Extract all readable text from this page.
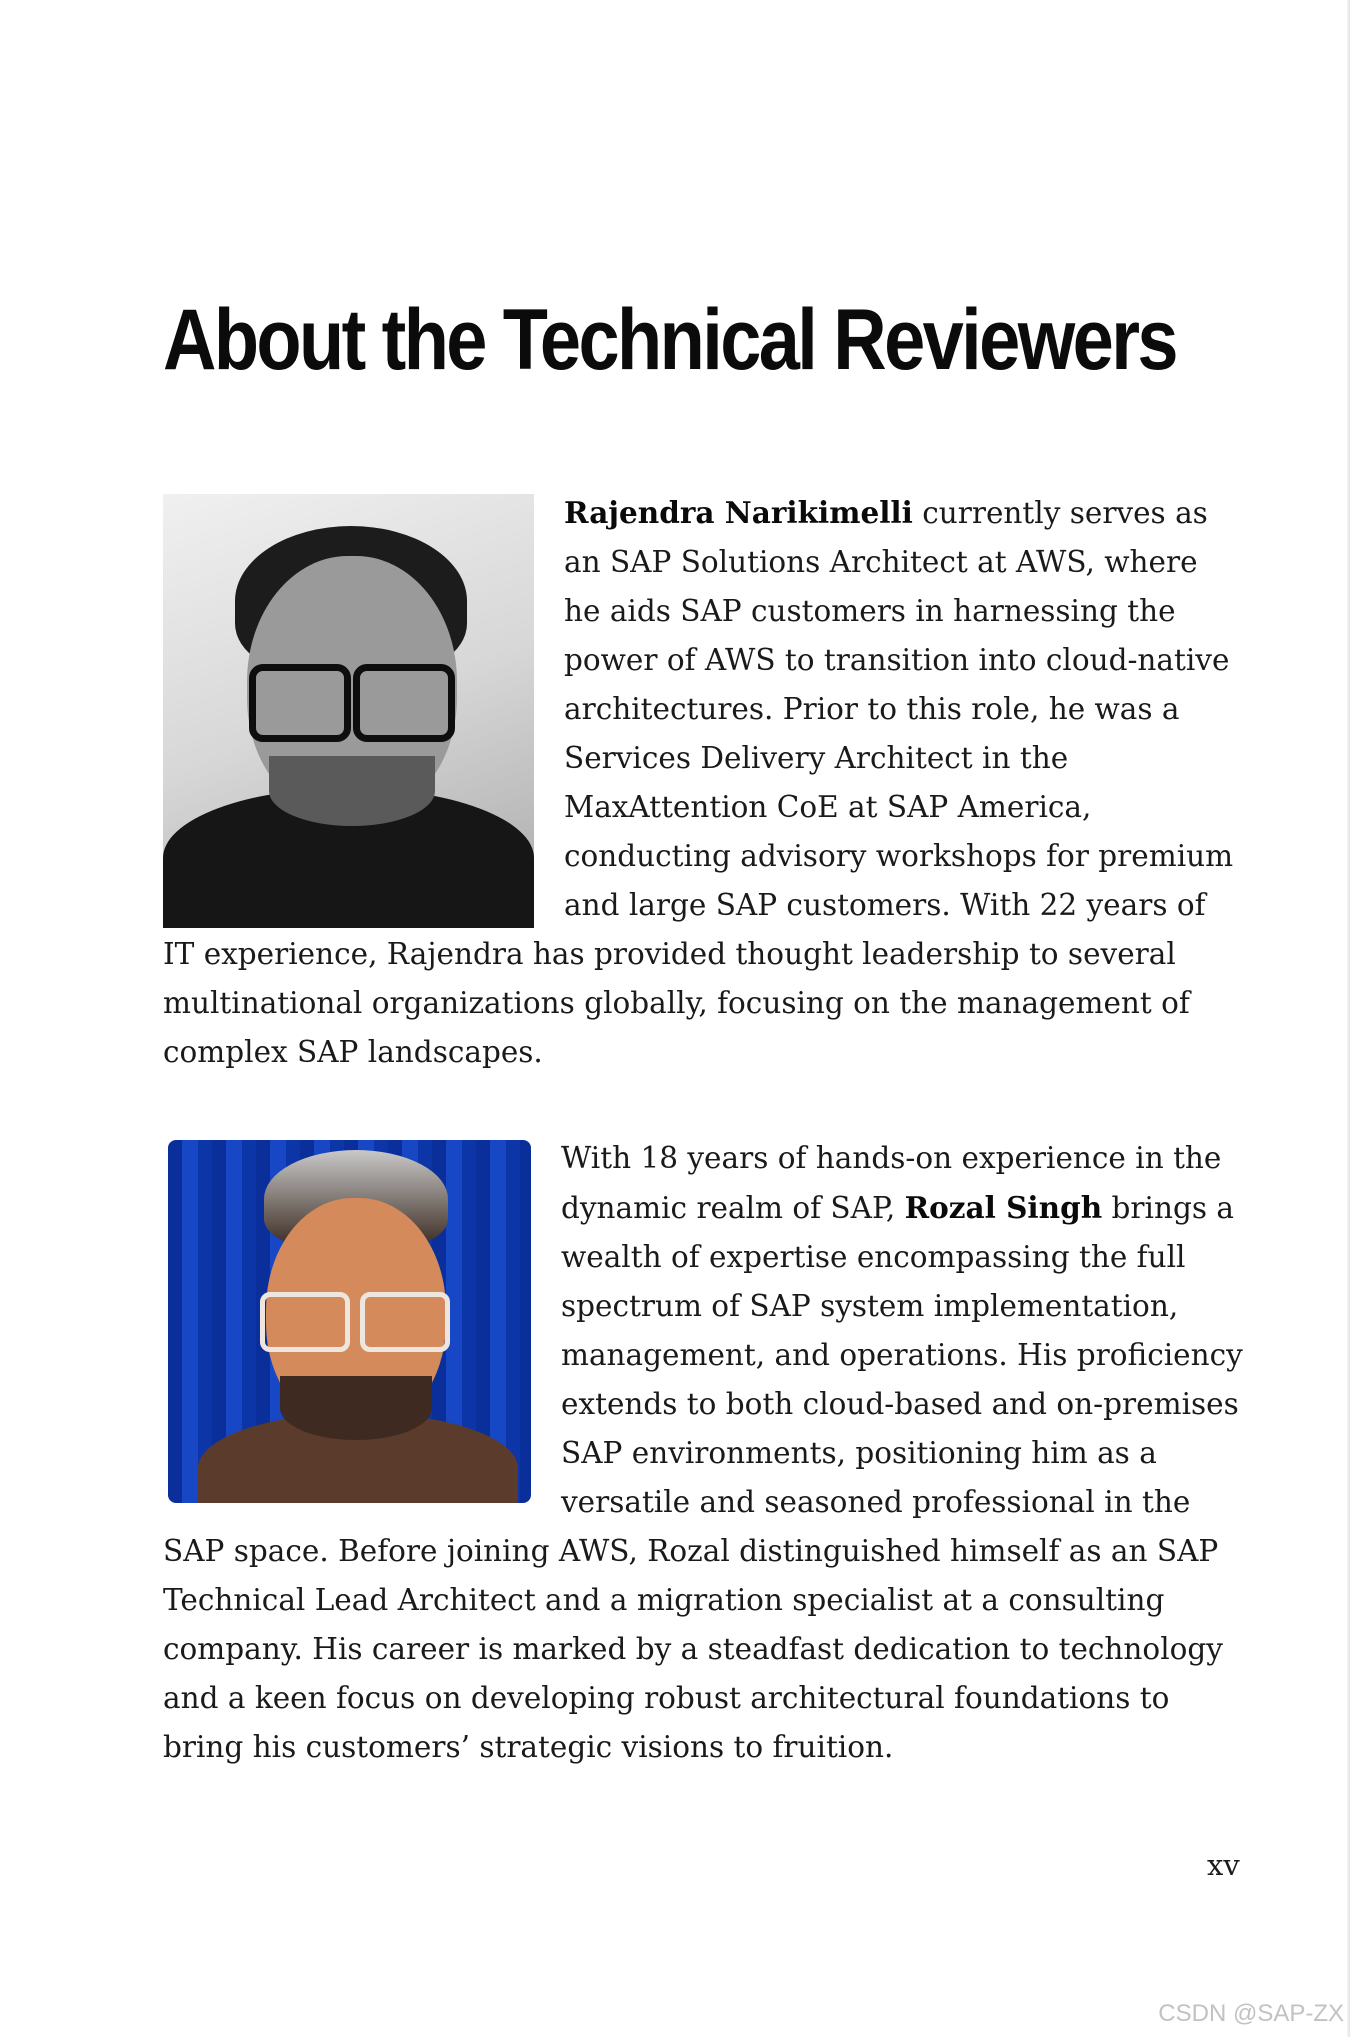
About the Technical Reviewers
Rajendra Narikimelli currently serves as an SAP Solutions Architect at AWS, where he aids SAP customers in harnessing the power of AWS to transition into cloud-native architectures. Prior to this role, he was a Services Delivery Architect in the MaxAttention CoE at SAP America, conducting advisory workshops for premium and large SAP customers. With 22 years of IT experience, Rajendra has provided thought leadership to several multinational organizations globally, focusing on the management of complex SAP landscapes.
With 18 years of hands-on experience in the dynamic realm of SAP, Rozal Singh brings a wealth of expertise encompassing the full spectrum of SAP system implementation, management, and operations. His proficiency extends to both cloud-based and on-premises SAP environments, positioning him as a versatile and seasoned professional in the SAP space. Before joining AWS, Rozal distinguished himself as an SAP Technical Lead Architect and a migration specialist at a consulting company. His career is marked by a steadfast dedication to technology and a keen focus on developing robust architectural foundations to bring his customers’ strategic visions to fruition.

xv

CSDN @SAP-ZX
